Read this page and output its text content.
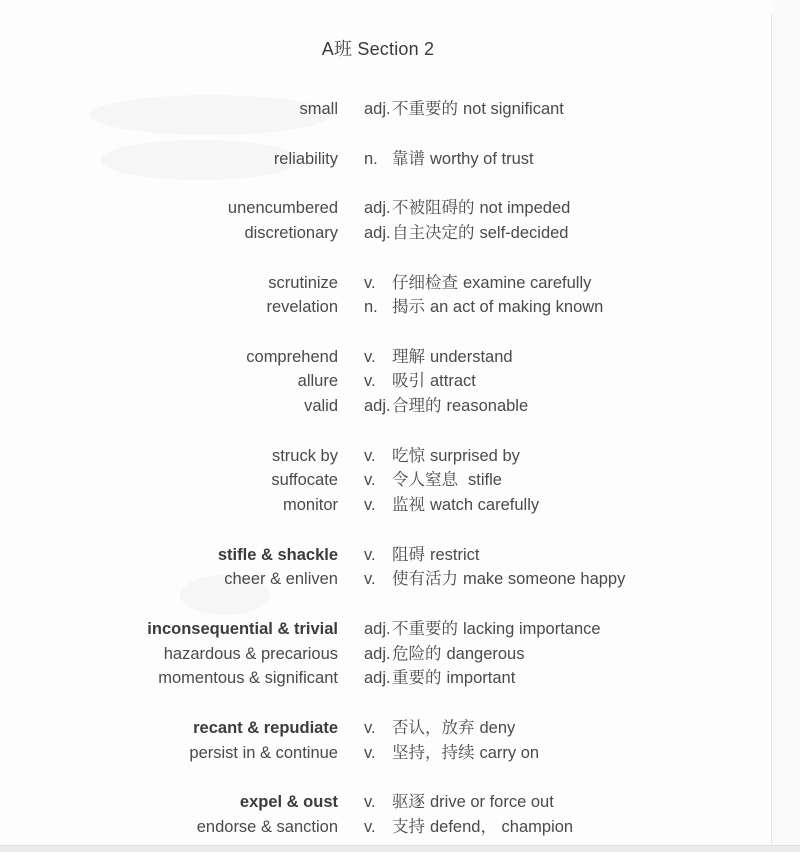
A班 Section 2
small adj. 不重要的 not significant
reliability n. 靠谱 worthy of trust
unencumbered adj. 不被阻碍的 not impeded
discretionary adj. 自主决定的 self-decided
scrutinize v. 仔细检查 examine carefully
revelation n. 揭示 an act of making known
comprehend v. 理解 understand
allure v. 吸引 attract
valid adj. 合理的 reasonable
struck by v. 吃惊 surprised by
suffocate v. 令人窒息 stifle
monitor v. 监视 watch carefully
stifle & shackle v. 阻碍 restrict
cheer & enliven v. 使有活力 make someone happy
inconsequential & trivial adj. 不重要的 lacking importance
hazardous & precarious adj. 危险的 dangerous
momentous & significant adj. 重要的 important
recant & repudiate v. 否认，放弃 deny
persist in & continue v. 坚持，持续 carry on
expel & oust v. 驱逐 drive or force out
endorse & sanction v. 支持 defend， champion
